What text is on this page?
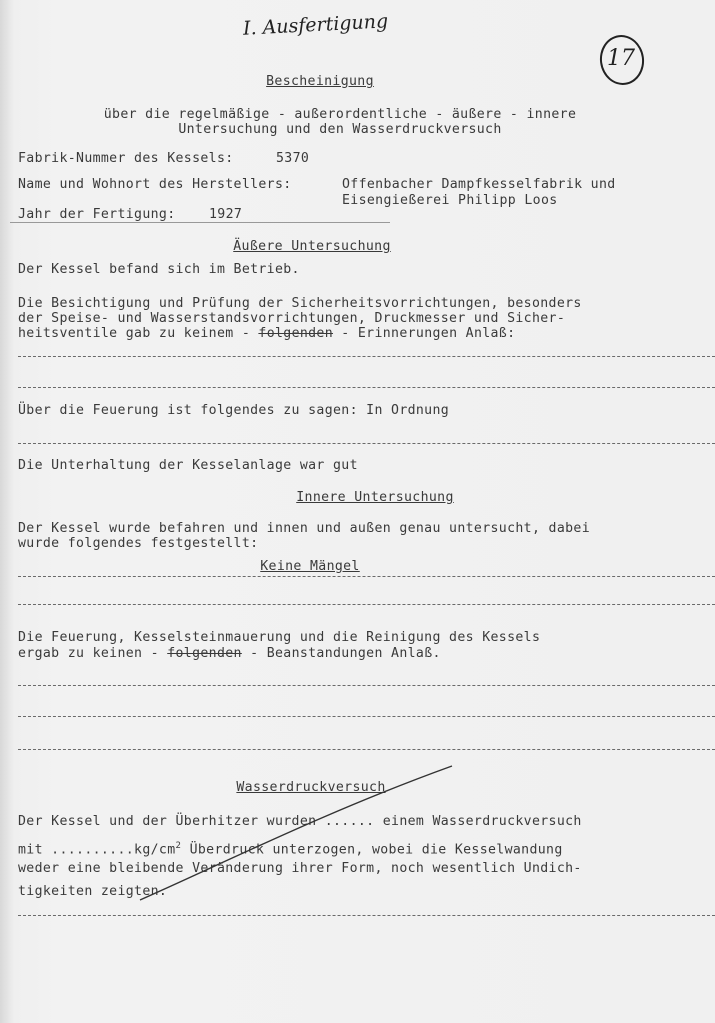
I. Ausfertigung
17
Bescheinigung
über die regelmäßige - außerordentliche - äußere - innere
Untersuchung und den Wasserdruckversuch
Fabrik-Nummer des Kessels:	5370
Name und Wohnort des Herstellers:	Offenbacher Dampfkesselfabrik und
Eisengießerei Philipp Loos
Jahr der Fertigung:	1927
Äußere Untersuchung
Der Kessel befand sich im Betrieb.
Die Besichtigung und Prüfung der Sicherheitsvorrichtungen, besonders
der Speise- und Wasserstandsvorrichtungen, Druckmesser und Sicher-
heitsventile gab zu keinem - folgenden - Erinnerungen Anlaß:
Über die Feuerung ist folgendes zu sagen: In Ordnung
Die Unterhaltung der Kesselanlage war gut
Innere Untersuchung
Der Kessel wurde befahren und innen und außen genau untersucht, dabei
wurde folgendes festgestellt:
Keine Mängel
Die Feuerung, Kesselsteinmauerung und die Reinigung des Kessels
ergab zu keinen - folgenden - Beanstandungen Anlaß.
Wasserdruckversuch
Der Kessel und der Überhitzer wurden ...... einem Wasserdruckversuch
mit $..........kg/cm^2$ Überdruck unterzogen, wobei die Kesselwandung
weder eine bleibende Veränderung ihrer Form, noch wesentlich Undich-
tigkeiten zeigten.
